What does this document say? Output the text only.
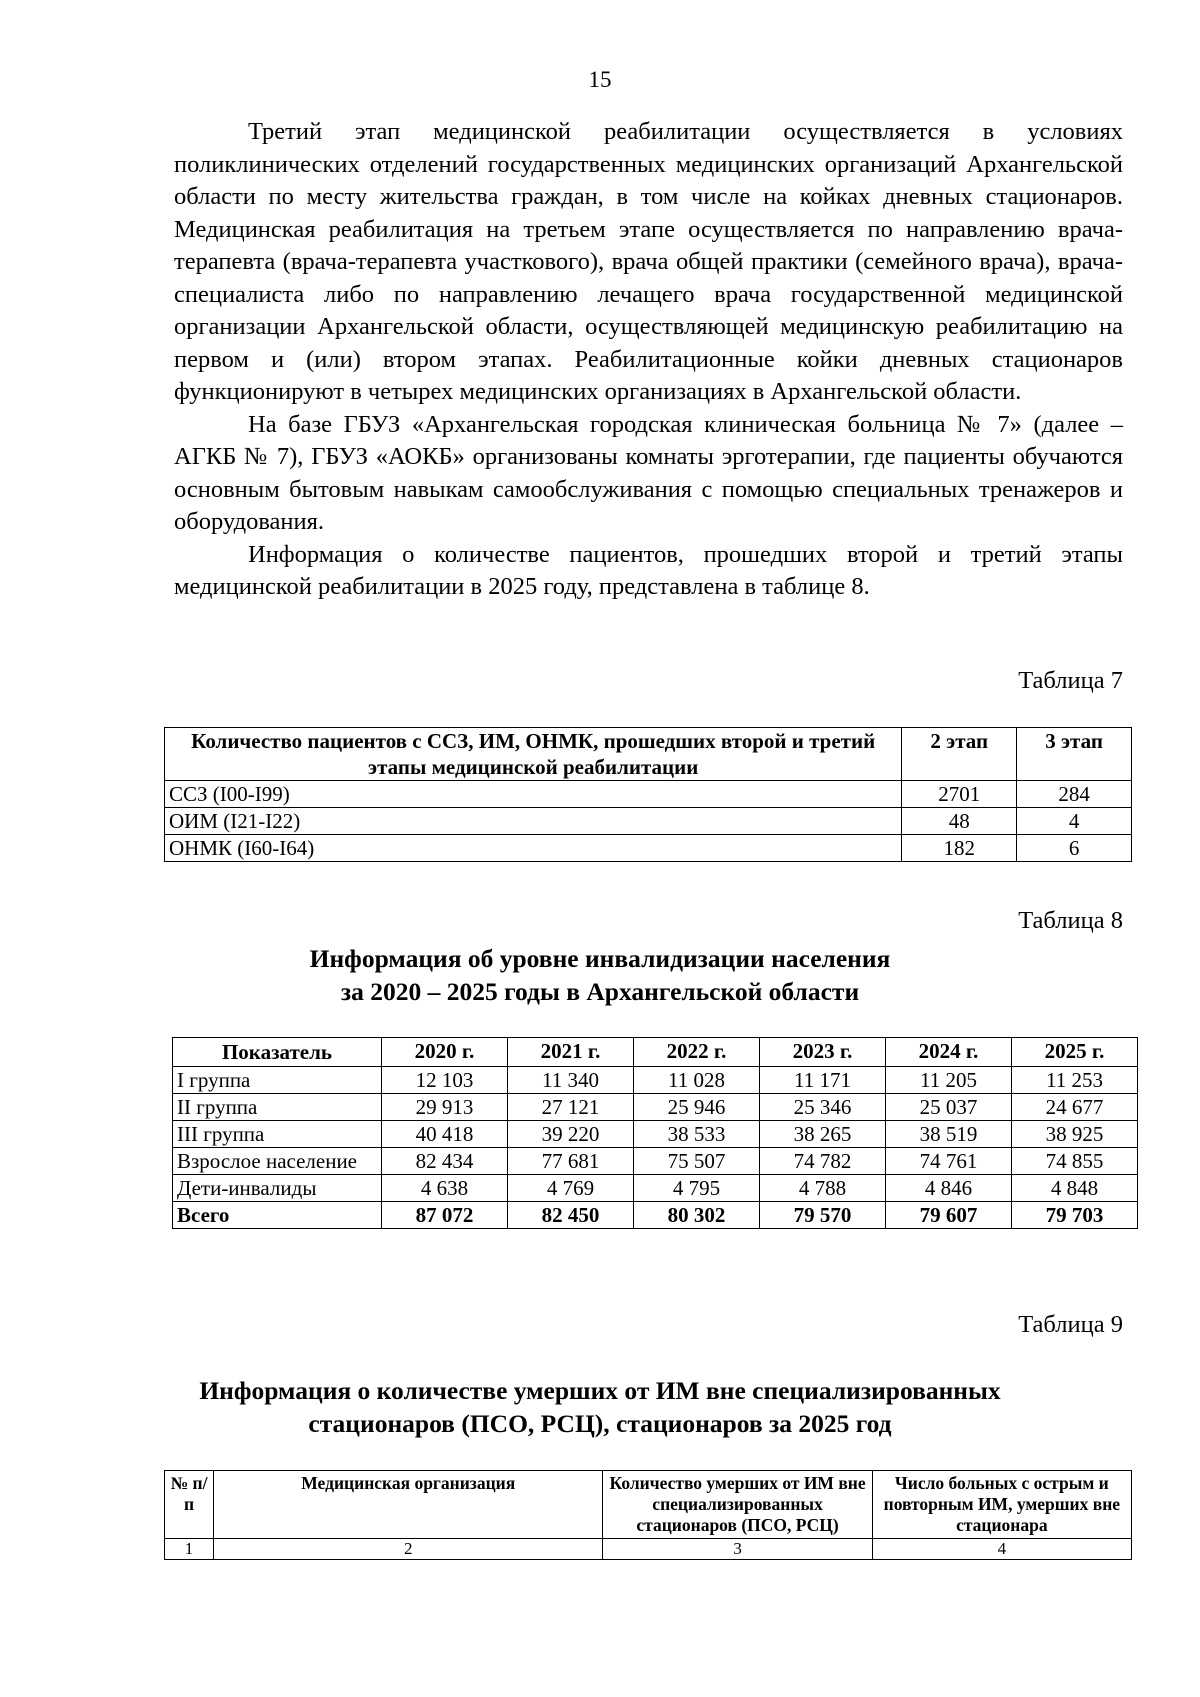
15

Третий этап медицинской реабилитации осуществляется в условиях поликлинических отделений государственных медицинских организаций Архангельской области по месту жительства граждан, в том числе на койках дневных стационаров. Медицинская реабилитация на третьем этапе осуществляется по направлению врача-терапевта (врача-терапевта участкового), врача общей практики (семейного врача), врача-специалиста либо по направлению лечащего врача государственной медицинской организации Архангельской области, осуществляющей медицинскую реабилитацию на первом и (или) втором этапах. Реабилитационные койки дневных стационаров функционируют в четырех медицинских организациях в Архангельской области.

На базе ГБУЗ «Архангельская городская клиническая больница № 7» (далее – АГКБ № 7), ГБУЗ «АОКБ» организованы комнаты эрготерапии, где пациенты обучаются основным бытовым навыкам самообслуживания с помощью специальных тренажеров и оборудования.

Информация о количестве пациентов, прошедших второй и третий этапы медицинской реабилитации в 2025 году, представлена в таблице 8.

Таблица 7
Количество пациентов с ССЗ, ИМ, ОНМК, прошедших второй и третий этапы медицинской реабилитации	2 этап	3 этап
ССЗ (I00-I99)	2701	284
ОИМ (I21-I22)	48	4
ОНМК (I60-I64)	182	6
Таблица 8
Информация об уровне инвалидизации населения
за 2020 – 2025 годы в Архангельской области
Показатель	2020 г.	2021 г.	2022 г.	2023 г.	2024 г.	2025 г.
I группа	12 103	11 340	11 028	11 171	11 205	11 253
II группа	29 913	27 121	25 946	25 346	25 037	24 677
III группа	40 418	39 220	38 533	38 265	38 519	38 925
Взрослое население	82 434	77 681	75 507	74 782	74 761	74 855
Дети-инвалиды	4 638	4 769	4 795	4 788	4 846	4 848
Всего	87 072	82 450	80 302	79 570	79 607	79 703
Таблица 9
Информация о количестве умерших от ИМ вне специализированных
стационаров (ПСО, РСЦ), стационаров за 2025 год
№ п/п	Медицинская организация	Количество умерших от ИМ вне специализированных стационаров (ПСО, РСЦ)	Число больных с острым и повторным ИМ, умерших вне стационара
1	2	3	4
